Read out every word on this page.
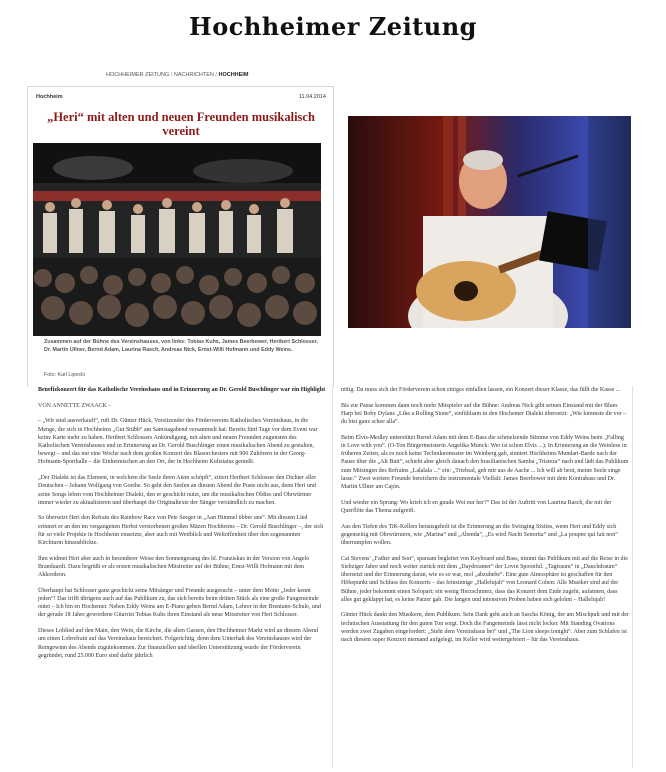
Hochheimer Zeitung
HOCHHEIMER ZEITUNG / NACHRICHTEN / HOCHHEIM
Hochheim	11.04.2014
„Heri“ mit alten und neuen Freunden musikalisch vereint
Zusammen auf der Bühne des Vereinshauses, von links: Tobias Kuhs, James Beerbower, Heribert Schlosser, Dr. Martin Ullner, Bernd Adam, Laurina Rasch, Andreas Nick, Ernst-Willi Hofmann und Eddy Weins.
Foto: Karl Lipecki

Benefizkonzert für das Katholische Vereinshaus und in Erinnerung an Dr. Gerold Buschlinger war ein Highlight

VON ANNETTE ZWAACK -

– „Wir sind ausverkauft“, ruft Dr. Günter Hück, Vorsitzender des Fördervereins Katholisches Vereinshaus, in die Menge, die sich in Hochheims „Gut Stübb“ am Samstagabend versammelt hat. Bereits fünf Tage vor dem Event war keine Karte mehr zu haben. Heribert Schlossers Ankündigung, mit alten und neuen Freunden zugunsten des Katholischen Vereinshauses und in Erinnerung an Dr. Gerold Buschlinger einen musikalischen Abend zu gestalten, bewegt – und das nur eine Woche nach dem großen Konzert des Blasorchesters mit 900 Zuhörern in der Georg-Hofmann-Sporthalle – die Einheimischen an den Ort, der in Hochheim Kultstatus genießt.

„Der Dialekt ist das Element, in welchem die Seele ihren Atem schöpft“, zitiert Heribert Schlosser den Dichter aller Deutschen – Johann Wolfgang von Goethe. So geht den Seelen an diesem Abend die Puste nicht aus, denn Heri und seine Songs leben vom Hochheimer Dialekt, den er geschickt nutzt, um die musikalischen Oldies und Ohrwürmer immer wieder zu aktualisieren und überhaupt die Originaltexte der Sänger verständlich zu machen.

So übersetzt Heri den Refrain des Rainbow Race von Pete Seeger in „Aan Himmel übber uns“. Mit diesem Lied erinnert er an den im vergangenen Herbst verstorbenen großen Mäzen Hochheims – Dr. Gerold Buschlinger –, der sich für so viele Projekte in Hochheim einsetzte, aber auch mit Weitblick und Weltoffenheit über den sogenannten Kirchturm hinausblickte.

Ihm widmet Heri aber auch in besonderer Weise den Sonnengesang des hl. Franziskus in der Version von Angelo Branduardi. Dazu begrüßt er als ersten musikalischen Mitstreiter auf der Bühne, Ernst-Willi Hofmann mit dem Akkordeon.

Überhaupt hat Schlosser ganz geschickt seine Mitsänger und Freunde ausgesucht – unter dem Motto „Jeder kennt jeden“! Das trifft übrigens auch auf das Publikum zu, das sich bereits beim dritten Stück als eine große Fangemeinde outet – Ich bin en Hochemer. Neben Eddy Weins am E-Piano geben Bernd Adam, Lehrer in der Brentano-Schule, und der gerade 18 Jahre gewordene Gitarrist Tobias Kuhs ihren Einstand als neue Mitstreiter von Heri Schlosser.

Dieses Loblied auf den Main, den Wein, die Kirche, die alten Gassen, den Hochheimer Markt wird an diesem Abend um einen Lobrefrain auf das Vereinshaus bereichert. Folgerichtig, denn dem Unterhalt des Vereinshauses wird der Reingewinn des Abends zugutekommen. Zur finanziellen und ideellen Unterstützung wurde der Förderverein gegründet, rund 25.000 Euro sind dafür jährlich

nötig. Da muss sich der Förderverein schon einiges einfallen lassen, ein Konzert dieser Klasse, das füllt die Kasse ...

Bis zur Pause kommen dann noch mehr Mitspieler auf die Bühne: Andreas Nick gibt seinen Einstand mit der Blues Harp bei Boby Dylans „Like a Rolling Stone“, einfühlsam in den Hochemer Dialekt übersetzt: „Wie kimmste dir vor – du bist ganz schee alla“.

Beim Elvis-Medley unterstützt Bernd Adam mit dem E-Bass die schmelzende Stimme von Eddy Weins beim „Falling in Love with you“. (O-Ton Bürgermeisterin Angelika Munck: Wer ist schon Elvis ...). In Erinnerung an die Weinlese in früheren Zeiten, als es noch keine Techniknomsster im Weinberg gab, sinniert Hochheims Mundart-Barde nach der Pause über die „Alt Butt“, schiebt aber gleich danach den brasilianischen Samba „Tristeza“ nach und lädt das Publikum zum Mitsingen des Refrains „Lalalala ...“ ein: „Triebsal, geh mir aus de Aache ... Ich will ab heut, meine Seele singe lasse.“ Zwei weitere Freunde bereichern die instrumentale Vielfalt: James Beerbower mit dem Kontrabass und Dr. Martin Ullner am Cajón.

Und wieder ein Sprung: Wo krieh ich en guude Woi nur her?“ Das ist der Auftritt von Laurina Rasch, die mit der Querflöte das Thema aufgreift.

Aus den Tiefen des TiK-Kellers herausgeholt ist die Erinnerung an die Swinging Sixties, wenn Heri und Eddy sich gegenseitig mit Ohrwürmern, wie „Marina“ und „Abenda“, „Es wird Nacht Senorita“ und „La poupee qui fait non“ überrumpfen wollen.

Cat Stevens' „Father and Son“, sparsam begleitet von Keyboard und Bass, nimmt das Publikum mit auf die Reise in die Siebziger Jahre und noch weiter zurück mit dem „Daydreamer“ der Lovin Spoonful. „Tagtraum“ in „Dauchdraum“ übersetzt und der Erinnerung daran, wie es so war, mol „abzuhebe“. Eine gute Atmosphäre ist geschaffen für den Höhepunkt und Schluss des Konzerts – das feinsinnige „Hallelujah“ von Leonard Cohen: Alle Musiker sind auf der Bühne, jeder bekommt einen Solopart; ein wenig Herzschmerz, dass das Konzert dem Ende zugeht, aufatmen, dass alles gut geklappt hat, es keine Patzer gab. Die langen und intensiven Proben haben sich gelohnt – Hallelujah!

Günter Hück dankt den Musikern, dem Publikum. Sein Dank geht auch an Sascha König, der am Mischpult und mit der technischen Ausstattung für den guten Ton sorgt. Doch die Fangemeinde lässt nicht locker. Mit Standing Ovations werden zwei Zugaben eingefordert: „Steht dem Vereinshaus bei“ und „The Lion sleeps tonight“. Aber zum Schlafen ist nach diesem super Konzert niemand aufgelegt, im Keller wird weitergefeiert – für das Vereinshaus.
